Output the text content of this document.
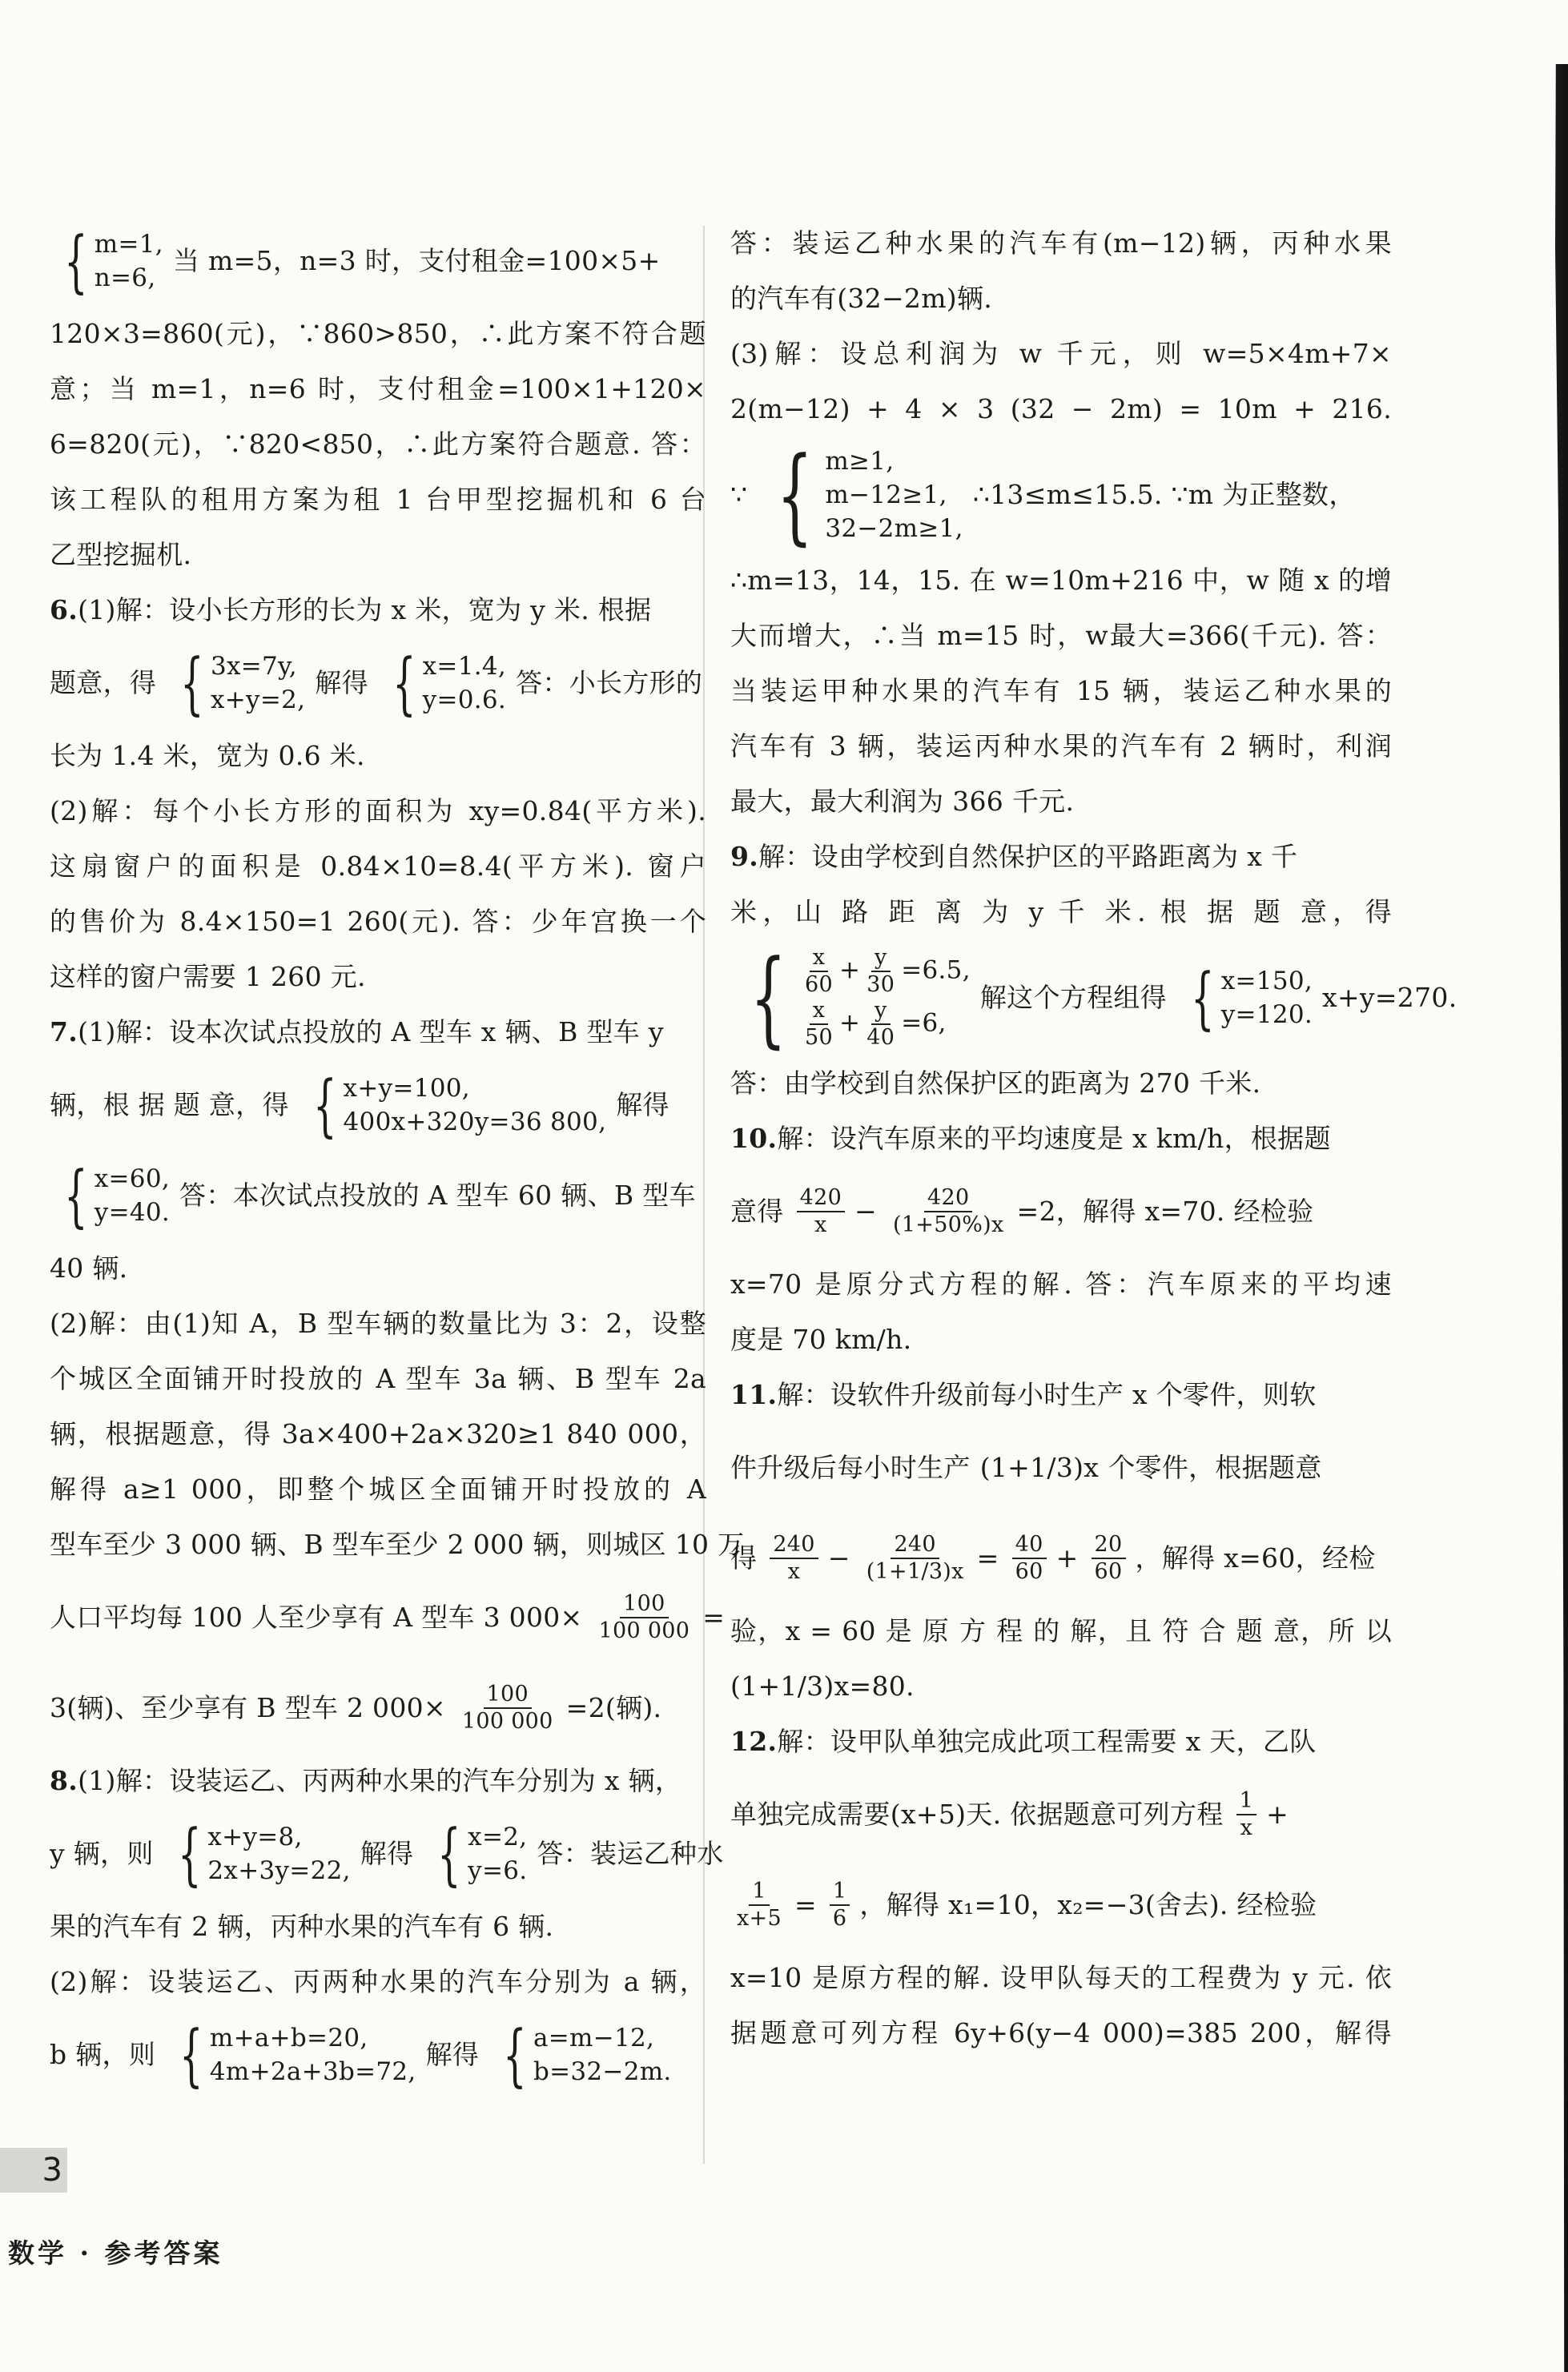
{ m=1,
n=6,
当 m=5，n=3 时，支付租金=100×5+
120×3=860(元)，∵860>850，∴此方案不符合题
意；当 m=1，n=6 时，支付租金=100×1+120×
6=820(元)，∵820<850，∴此方案符合题意. 答：
该工程队的租用方案为租 1 台甲型挖掘机和 6 台
乙型挖掘机.
6.(1)解：设小长方形的长为 x 米，宽为 y 米. 根据
题意，得 { 3x=7y,
x+y=2,
解得 { x=1.4,
y=0.6.
答：小长方形的
长为 1.4 米，宽为 0.6 米.
(2)解：每个小长方形的面积为 xy=0.84(平方米).
这扇窗户的面积是 0.84×10=8.4(平方米). 窗户
的售价为 8.4×150=1 260(元). 答：少年宫换一个
这样的窗户需要 1 260 元.
7.(1)解：设本次试点投放的 A 型车 x 辆、B 型车 y
辆，根 据 题 意，得 { x+y=100,
400x+320y=36 800,
解得
{ x=60,
y=40.
答：本次试点投放的 A 型车 60 辆、B 型车
40 辆.
(2)解：由(1)知 A，B 型车辆的数量比为 3：2，设整
个城区全面铺开时投放的 A 型车 3a 辆、B 型车 2a
辆，根据题意，得 3a×400+2a×320≥1 840 000，
解得 a≥1 000，即整个城区全面铺开时投放的 A
型车至少 3 000 辆、B 型车至少 2 000 辆，则城区 10 万
人口平均每 100 人至少享有 A 型车 3 $000\times \frac{100}{100 000}$ =
3(辆)、至少享有 B 型车 2 $000\times \frac{100}{100 000} =2$(辆).
8.(1)解：设装运乙、丙两种水果的汽车分别为 x 辆，
y 辆，则 { x+y=8,
2x+3y=22,
解得 { x=2,
y=6.
答：装运乙种水
果的汽车有 2 辆，丙种水果的汽车有 6 辆.
(2)解：设装运乙、丙两种水果的汽车分别为 a 辆，
b 辆，则 { m+a+b=20,
4m+2a+3b=72,
解得 { a=m−12,
b=32−2m.
答：装运乙种水果的汽车有(m−12)辆，丙种水果
的汽车有(32−2m)辆.
(3)解：设总利润为 w 千元，则 w=5×4m+7×
2(m−12) + 4 × 3 (32 − 2m) = 10m + 216.
∵ { m≥1,
m−12≥1,
32−2m≥1,
∴13≤m≤15.5. ∵m 为正整数，
∴m=13，14，15. 在 w=10m+216 中，w 随 x 的增
大而增大，∴当 m=15 时，w最大=366(千元). 答：
当装运甲种水果的汽车有 15 辆，装运乙种水果的
汽车有 3 辆，装运丙种水果的汽车有 2 辆时，利润
最大，最大利润为 366 千元.
9.解：设由学校到自然保护区的平路距离为 x 千
米，山 路 距 离 为 y 千 米. 根 据 题 意，得
{ $\frac{x}{60} + \frac{y}{30} =6.5$,
$\frac{x}{50} + \frac{y}{40} =6$,
解这个方程组得 { x=150,
y=120.
x+y=270.
答：由学校到自然保护区的距离为 270 千米.
10.解：设汽车原来的平均速度是 x km/h，根据题
意得 $\frac{420}{x} - \frac{420}{(1+50\%)x} =2$，解得 x=70. 经检验
x=70 是原分式方程的解. 答：汽车原来的平均速
度是 70 km/h.
11.解：设软件升级前每小时生产 x 个零件，则软
件升级后每小时生产 (1+1/3)x 个零件，根据题意
得 $\frac{240}{x} - \frac{240}{(1+1/3)x} = \frac{40}{60} + \frac{20}{60}$ ，解得 x=60，经检
验，x = 60 是 原 方 程 的 解，且 符 合 题 意，所 以
(1+1/3)x=80.
12.解：设甲队单独完成此项工程需要 x 天，乙队
单独完成需要(x+5)天. 依据题意可列方程 $\frac{1}{x}$ +
$\frac{1}{x+5} = \frac{1}{6}$ ，解得 x₁=10，x₂=−3(舍去). 经检验
x=10 是原方程的解. 设甲队每天的工程费为 y 元. 依
据题意可列方程 6y+6(y−4 000)=385 200，解得
3
数学 · 参考答案
